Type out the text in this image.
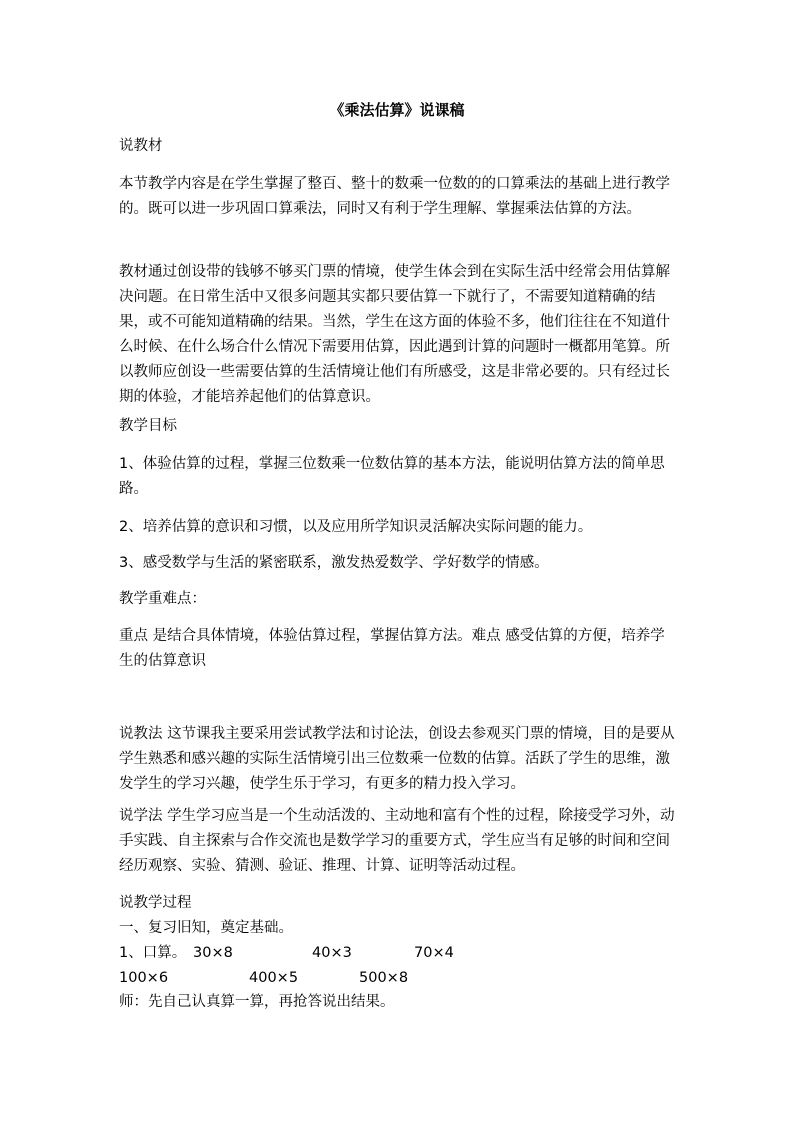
《乘法估算》说课稿

说教材

本节教学内容是在学生掌握了整百、整十的数乘一位数的的口算乘法的基础上进行教学的。既可以进一步巩固口算乘法，同时又有利于学生理解、掌握乘法估算的方法。

教材通过创设带的钱够不够买门票的情境，使学生体会到在实际生活中经常会用估算解决问题。在日常生活中又很多问题其实都只要估算一下就行了，不需要知道精确的结果，或不可能知道精确的结果。当然，学生在这方面的体验不多，他们往往在不知道什么时候、在什么场合什么情况下需要用估算，因此遇到计算的问题时一概都用笔算。所以教师应创设一些需要估算的生活情境让他们有所感受，这是非常必要的。只有经过长期的体验，才能培养起他们的估算意识。

教学目标

1、体验估算的过程，掌握三位数乘一位数估算的基本方法，能说明估算方法的简单思路。

2、培养估算的意识和习惯，以及应用所学知识灵活解决实际问题的能力。

3、感受数学与生活的紧密联系，激发热爱数学、学好数学的情感。

教学重难点：

重点 是结合具体情境，体验估算过程，掌握估算方法。难点 感受估算的方便，培养学生的估算意识

说教法 这节课我主要采用尝试教学法和讨论法，创设去参观买门票的情境，目的是要从学生熟悉和感兴趣的实际生活情境引出三位数乘一位数的估算。活跃了学生的思维，激发学生的学习兴趣，使学生乐于学习，有更多的精力投入学习。

说学法 学生学习应当是一个生动活泼的、主动地和富有个性的过程，除接受学习外，动手实践、自主探索与合作交流也是数学学习的重要方式，学生应当有足够的时间和空间经历观察、实验、猜测、验证、推理、计算、证明等活动过程。

说教学过程

一、复习旧知，奠定基础。

1、口算。 30×8	40×3	70×4
100×6	400×5	500×8

师：先自己认真算一算，再抢答说出结果。
